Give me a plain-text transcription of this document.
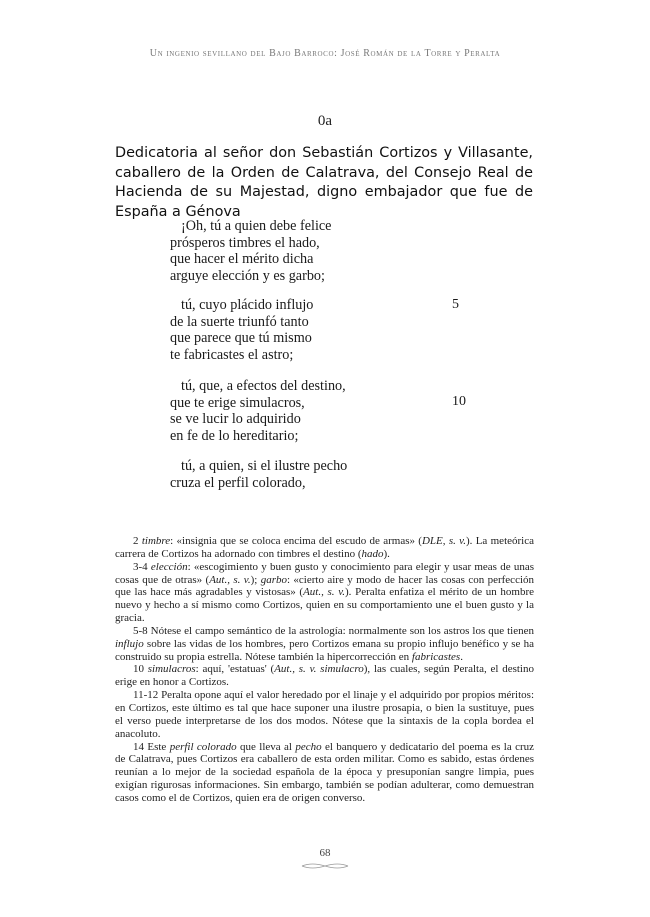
Un ingenio sevillano del Bajo Barroco: José Román de la Torre y Peralta
0a
Dedicatoria al señor don Sebastián Cortizos y Villasante, caballero de la Orden de Calatrava, del Consejo Real de Hacienda de su Majestad, digno embajador que fue de España a Génova
¡Oh, tú a quien debe felice
prósperos timbres el hado,
que hacer el mérito dicha
arguye elección y es garbo;
tú, cuyo plácido influjo
de la suerte triunfó tanto
que parece que tú mismo
te fabricastes el astro;
5
tú, que, a efectos del destino,
que te erige simulacros,
se ve lucir lo adquirido
en fe de lo hereditario;
10
tú, a quien, si el ilustre pecho
cruza el perfil colorado,

2 timbre: «insignia que se coloca encima del escudo de armas» (DLE, s. v.). La meteórica carrera de Cortizos ha adornado con timbres el destino (hado).

3-4 elección: «escogimiento y buen gusto y conocimiento para elegir y usar meas de unas cosas que de otras» (Aut., s. v.); garbo: «cierto aire y modo de hacer las cosas con perfección que las hace más agradables y vistosas» (Aut., s. v.). Peralta enfatiza el mérito de un hombre nuevo y hecho a sí mismo como Cortizos, quien en su comportamiento une el buen gusto y la gracia.

5-8 Nótese el campo semántico de la astrología: normalmente son los astros los que tienen influjo sobre las vidas de los hombres, pero Cortizos emana su propio influjo benéfico y se ha construido su propia estrella. Nótese también la hipercorrección en fabricastes.

10 simulacros: aquí, 'estatuas' (Aut., s. v. simulacro), las cuales, según Peralta, el destino erige en honor a Cortizos.

11-12 Peralta opone aquí el valor heredado por el linaje y el adquirido por propios méritos: en Cortizos, este último es tal que hace suponer una ilustre prosapia, o bien la sustituye, pues el verso puede interpretarse de los dos modos. Nótese que la sintaxis de la copla bordea el anacoluto.

14 Este perfil colorado que lleva al pecho el banquero y dedicatario del poema es la cruz de Calatrava, pues Cortizos era caballero de esta orden militar. Como es sabido, estas órdenes reunían a lo mejor de la sociedad española de la época y presuponían sangre limpia, pues exigían rigurosas informaciones. Sin embargo, también se podían adulterar, como demuestran casos como el de Cortizos, quien era de origen converso.

68
